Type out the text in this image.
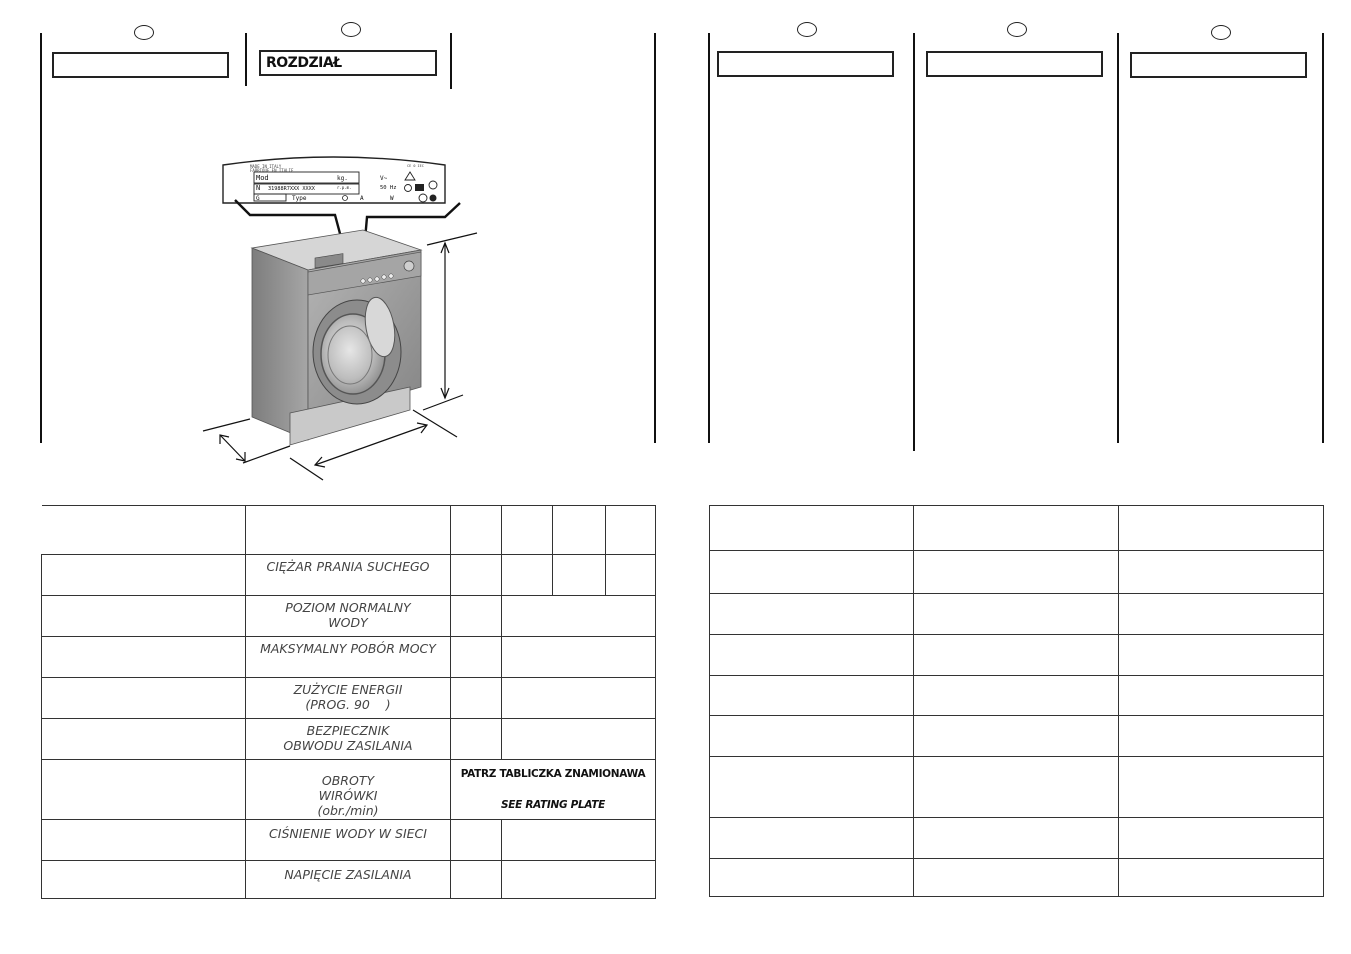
ROZDZIAŁ
MADE IN ITALY
FABRIQUE EN ITALIE
CE 0 IEC
Mod
N 31988R7XXX XXXX
G	Type
kg.
r.p.m.
A
V~
50 Hz
W

	CIĘŻAR PRANIA SUCHEGO				
	POZIOM NORMALNY WODY				
	MAKSYMALNY POBÓR MOCY				
	ZUŻYCIE ENERGII (PROG. 90    )				
	BEZPIECZNIK OBWODU ZASILANIA				
	OBROTY WIRÓWKI (obr./min)	PATRZ TABLICZKA ZNAMIONAWA
SEE RATING PLATE			

	CIŚNIENIE WODY W SIECI				
	NAPIĘCIE ZASILANIA				
